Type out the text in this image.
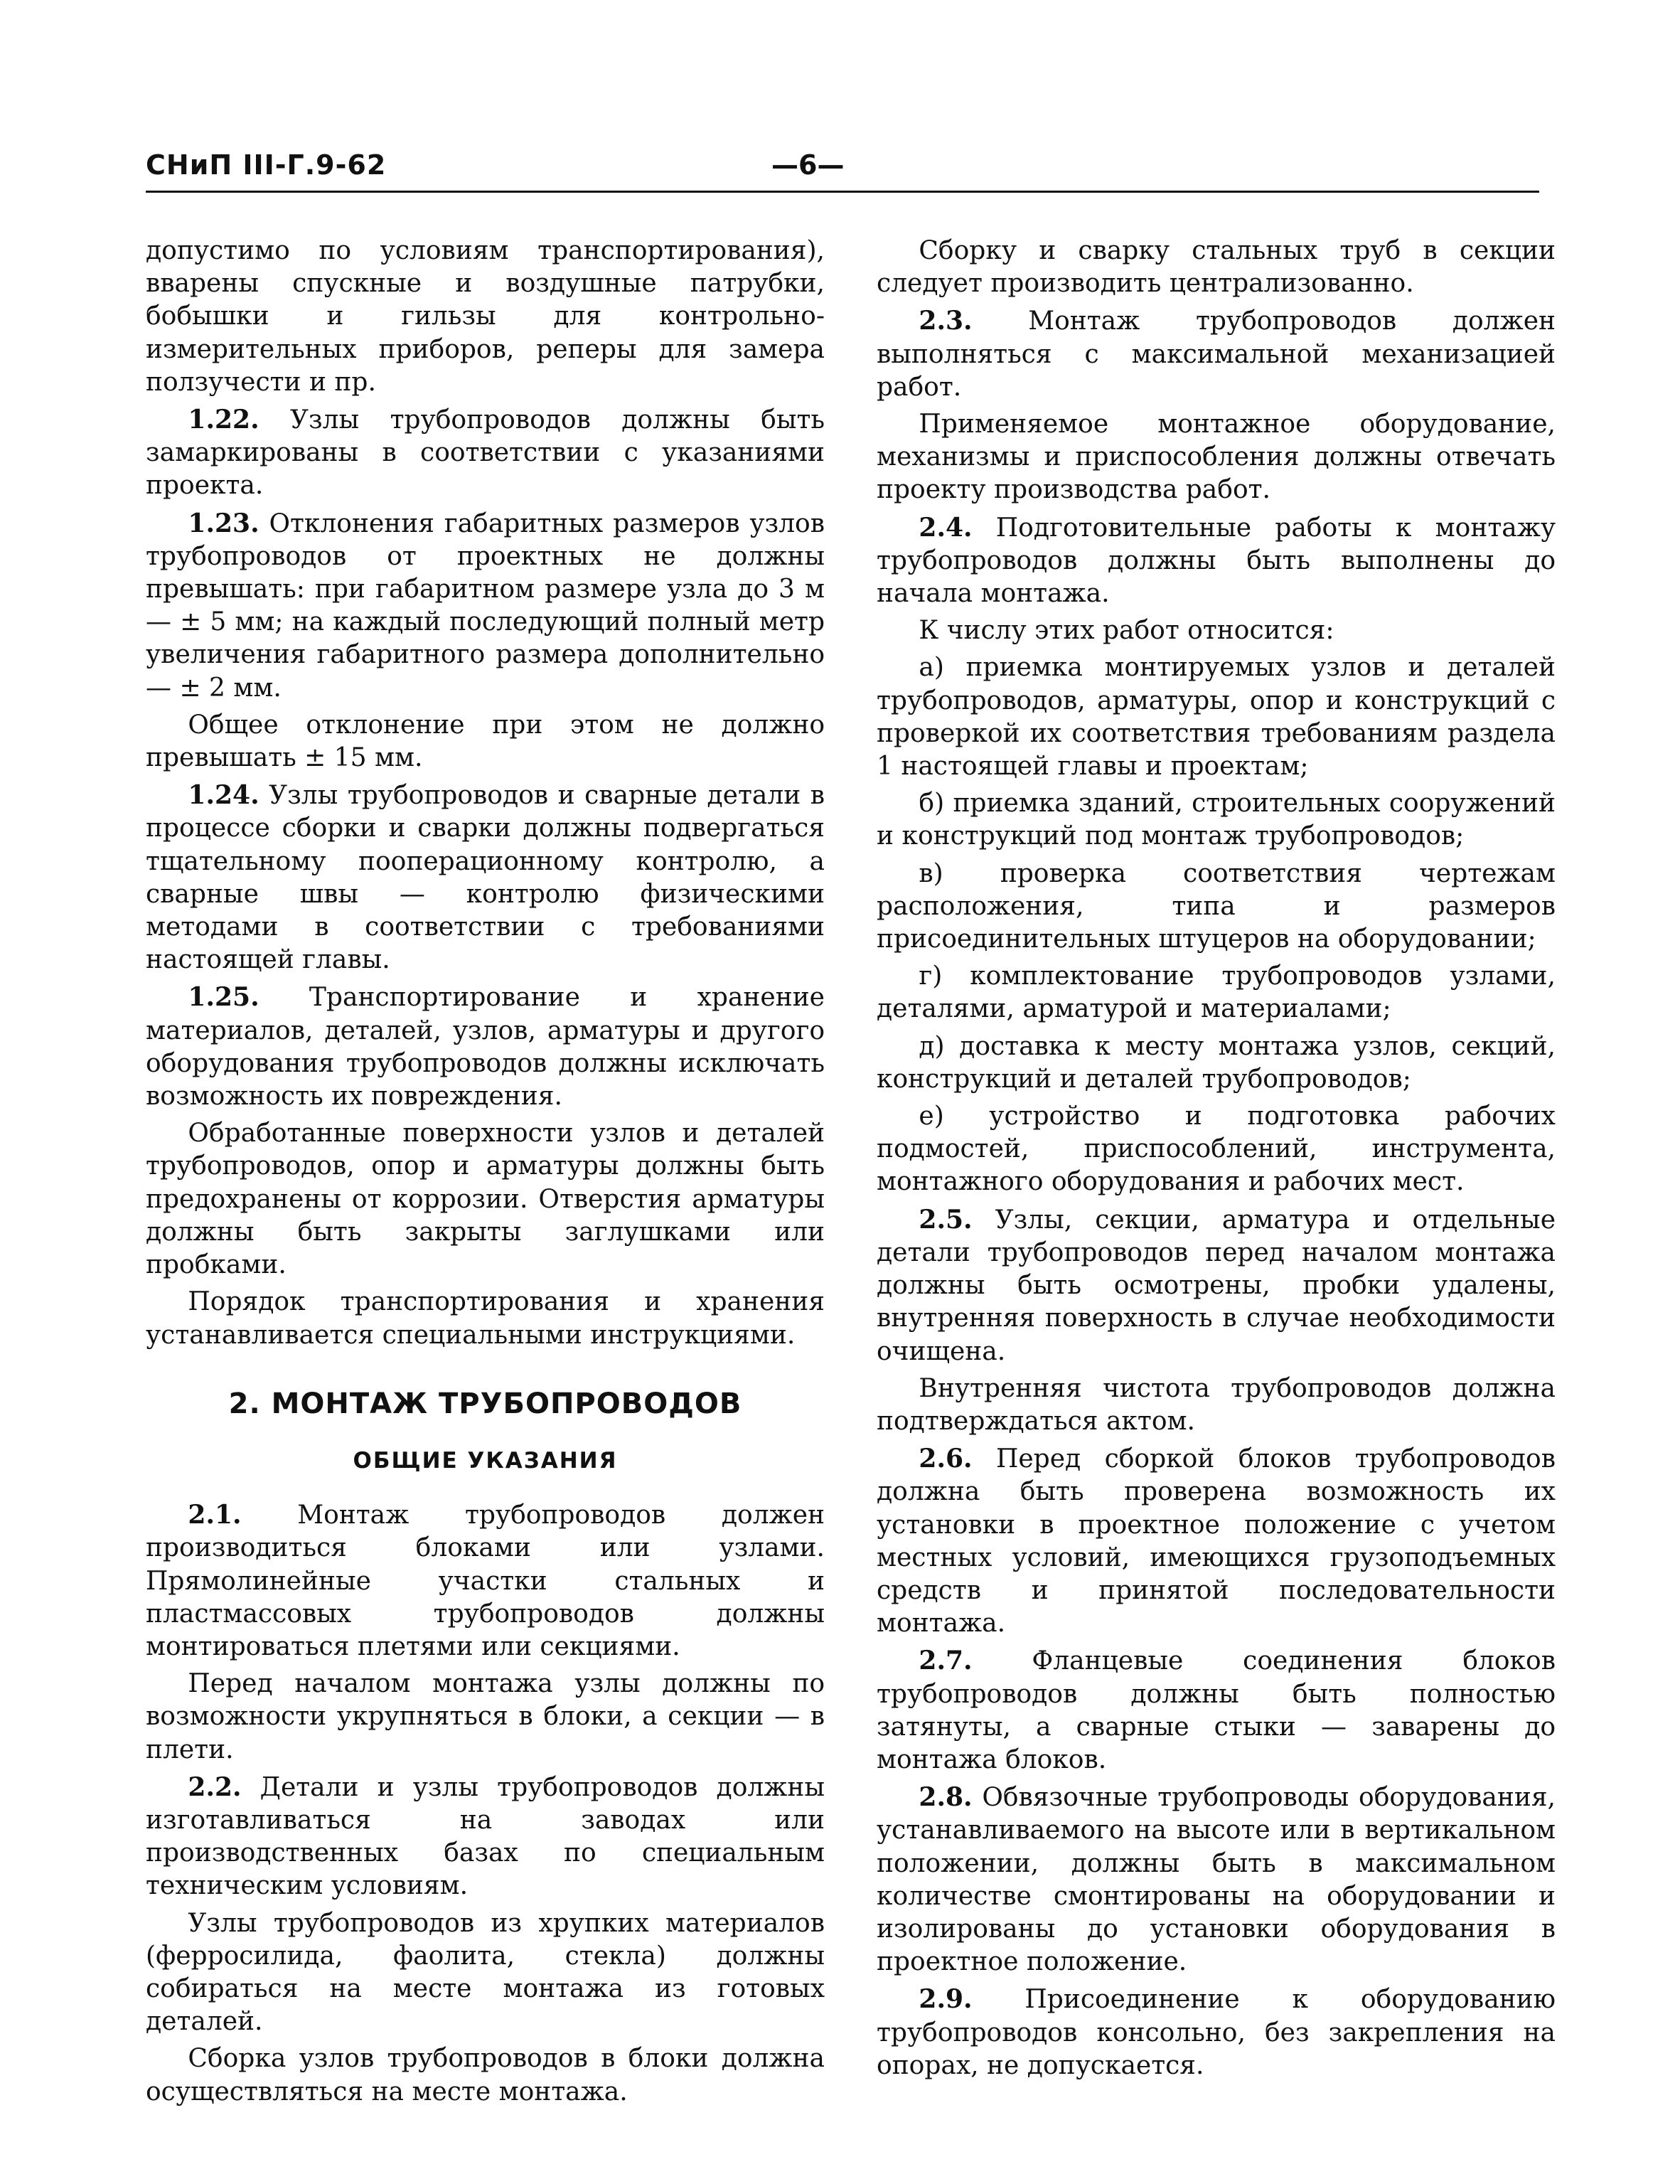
СНиП III-Г.9-62	—6—

допустимо по условиям транспортирования), вварены спускные и воздушные патрубки, бобышки и гильзы для контрольно-измерительных приборов, реперы для замера ползучести и пр.

1.22. Узлы трубопроводов должны быть замаркированы в соответствии с указаниями проекта.

1.23. Отклонения габаритных размеров узлов трубопроводов от проектных не должны превышать: при габаритном размере узла до 3 м — ± 5 мм; на каждый последующий полный метр увеличения габаритного размера дополнительно — ± 2 мм.

Общее отклонение при этом не должно превышать ± 15 мм.

1.24. Узлы трубопроводов и сварные детали в процессе сборки и сварки должны подвергаться тщательному пооперационному контролю, а сварные швы — контролю физическими методами в соответствии с требованиями настоящей главы.

1.25. Транспортирование и хранение материалов, деталей, узлов, арматуры и другого оборудования трубопроводов должны исключать возможность их повреждения.

Обработанные поверхности узлов и деталей трубопроводов, опор и арматуры должны быть предохранены от коррозии. Отверстия арматуры должны быть закрыты заглушками или пробками.

Порядок транспортирования и хранения устанавливается специальными инструкциями.

2. МОНТАЖ ТРУБОПРОВОДОВ
ОБЩИЕ УКАЗАНИЯ

2.1. Монтаж трубопроводов должен производиться блоками или узлами. Прямолинейные участки стальных и пластмассовых трубопроводов должны монтироваться плетями или секциями.

Перед началом монтажа узлы должны по возможности укрупняться в блоки, а секции — в плети.

2.2. Детали и узлы трубопроводов должны изготавливаться на заводах или производственных базах по специальным техническим условиям.

Узлы трубопроводов из хрупких материалов (ферросилида, фаолита, стекла) должны собираться на месте монтажа из готовых деталей.

Сборка узлов трубопроводов в блоки должна осуществляться на месте монтажа.

Сборку и сварку стальных труб в секции следует производить централизованно.

2.3. Монтаж трубопроводов должен выполняться с максимальной механизацией работ.

Применяемое монтажное оборудование, механизмы и приспособления должны отвечать проекту производства работ.

2.4. Подготовительные работы к монтажу трубопроводов должны быть выполнены до начала монтажа.

К числу этих работ относится:

а) приемка монтируемых узлов и деталей трубопроводов, арматуры, опор и конструкций с проверкой их соответствия требованиям раздела 1 настоящей главы и проектам;

б) приемка зданий, строительных сооружений и конструкций под монтаж трубопроводов;

в) проверка соответствия чертежам расположения, типа и размеров присоединительных штуцеров на оборудовании;

г) комплектование трубопроводов узлами, деталями, арматурой и материалами;

д) доставка к месту монтажа узлов, секций, конструкций и деталей трубопроводов;

е) устройство и подготовка рабочих подмостей, приспособлений, инструмента, монтажного оборудования и рабочих мест.

2.5. Узлы, секции, арматура и отдельные детали трубопроводов перед началом монтажа должны быть осмотрены, пробки удалены, внутренняя поверхность в случае необходимости очищена.

Внутренняя чистота трубопроводов должна подтверждаться актом.

2.6. Перед сборкой блоков трубопроводов должна быть проверена возможность их установки в проектное положение с учетом местных условий, имеющихся грузоподъемных средств и принятой последовательности монтажа.

2.7. Фланцевые соединения блоков трубопроводов должны быть полностью затянуты, а сварные стыки — заварены до монтажа блоков.

2.8. Обвязочные трубопроводы оборудования, устанавливаемого на высоте или в вертикальном положении, должны быть в максимальном количестве смонтированы на оборудовании и изолированы до установки оборудования в проектное положение.

2.9. Присоединение к оборудованию трубопроводов консольно, без закрепления на опорах, не допускается.
